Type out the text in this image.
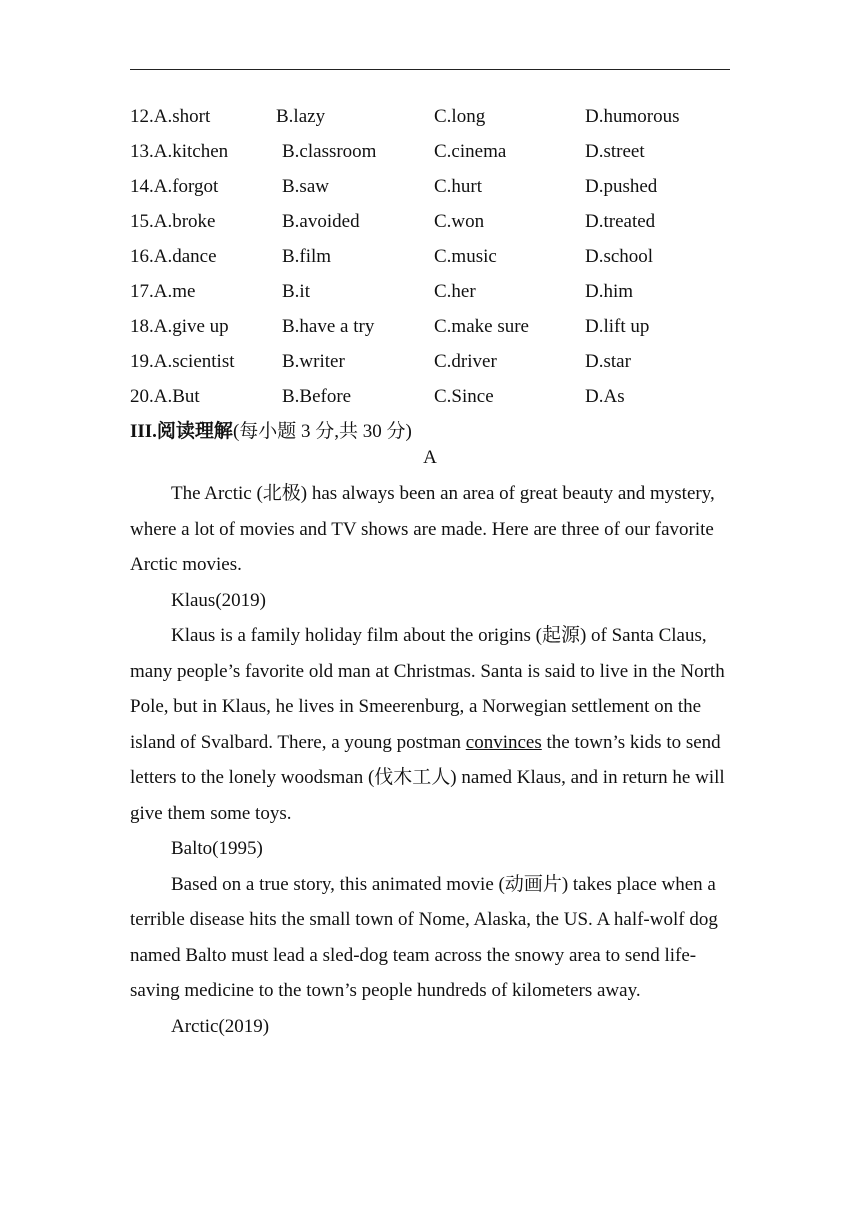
12.A.short	B.lazy	C.long	D.humorous
13.A.kitchen	B.classroom	C.cinema	D.street
14.A.forgot	B.saw	C.hurt	D.pushed
15.A.broke	B.avoided	C.won	D.treated
16.A.dance	B.film	C.music	D.school
17.A.me	B.it	C.her	D.him
18.A.give up	B.have a try	C.make sure	D.lift up
19.A.scientist	B.writer	C.driver	D.star
20.A.But	B.Before	C.Since	D.As
III.阅读理解(每小题 3 分,共 30 分)
A

The Arctic (北极) has always been an area of great beauty and mystery, where a lot of movies and TV shows are made. Here are three of our favorite Arctic movies.

Klaus(2019)

Klaus is a family holiday film about the origins (起源) of Santa Claus, many people’s favorite old man at Christmas. Santa is said to live in the North Pole, but in Klaus, he lives in Smeerenburg, a Norwegian settlement on the island of Svalbard. There, a young postman convinces the town’s kids to send letters to the lonely woodsman (伐木工人) named Klaus, and in return he will give them some toys.

Balto(1995)

Based on a true story, this animated movie (动画片) takes place when a terrible disease hits the small town of Nome, Alaska, the US. A half-wolf dog named Balto must lead a sled-dog team across the snowy area to send life-saving medicine to the town’s people hundreds of kilometers away.

Arctic(2019)
